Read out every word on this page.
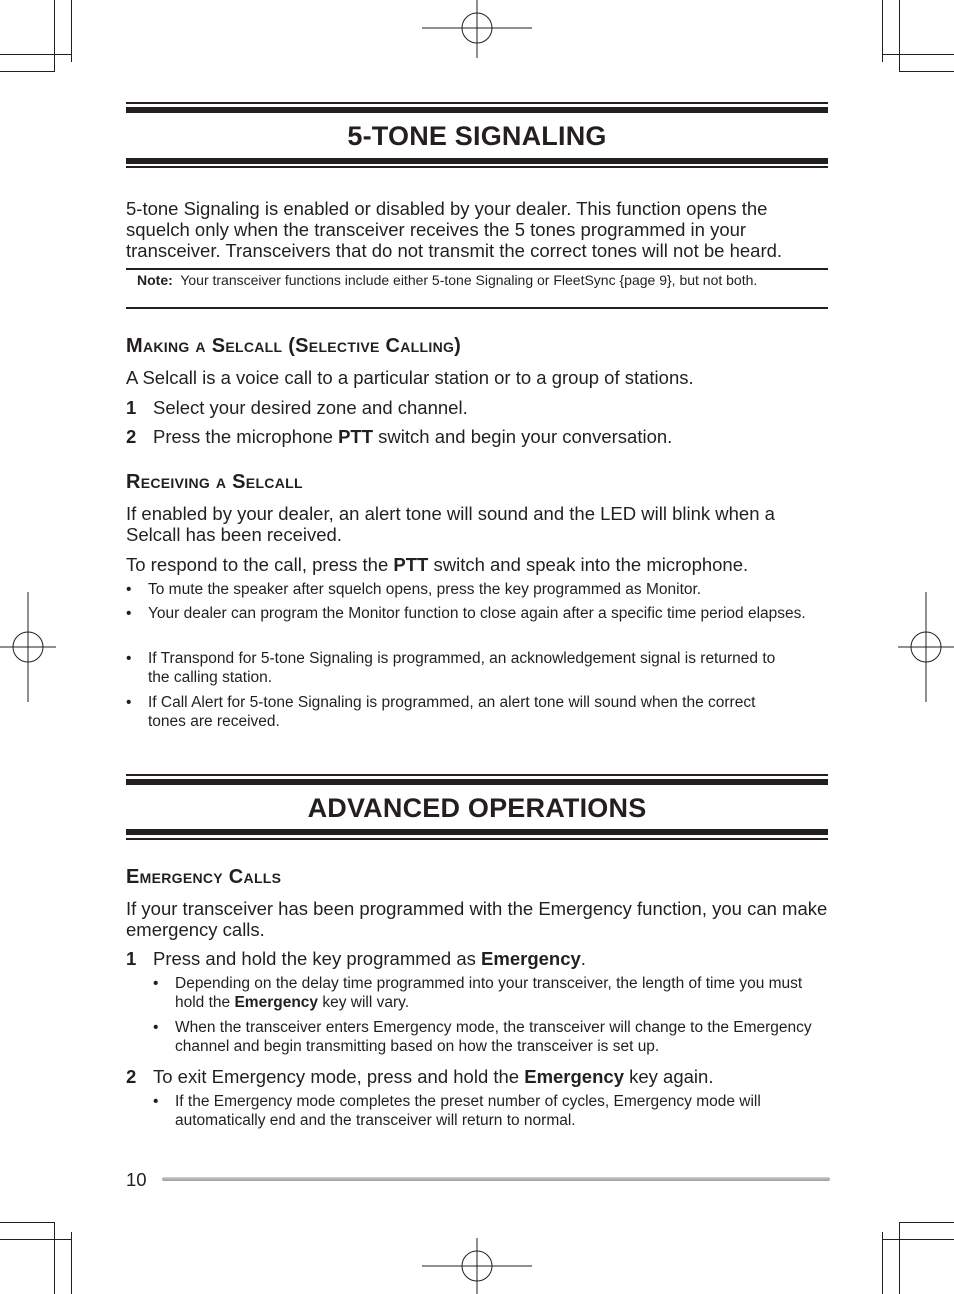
5-TONE SIGNALING
5-tone Signaling is enabled or disabled by your dealer. This function opens the squelch only when the transceiver receives the 5 tones programmed in your transceiver. Transceivers that do not transmit the correct tones will not be heard.
Note: Your transceiver functions include either 5-tone Signaling or FleetSync {page 9}, but not both.
Making a Selcall (Selective Calling)
A Selcall is a voice call to a particular station or to a group of stations.
1 Select your desired zone and channel.
2 Press the microphone PTT switch and begin your conversation.
Receiving a Selcall
If enabled by your dealer, an alert tone will sound and the LED will blink when a Selcall has been received.
To respond to the call, press the PTT switch and speak into the microphone.
• To mute the speaker after squelch opens, press the key programmed as Monitor.
• Your dealer can program the Monitor function to close again after a specific time period elapses.
• If Transpond for 5-tone Signaling is programmed, an acknowledgement signal is returned to the calling station.
• If Call Alert for 5-tone Signaling is programmed, an alert tone will sound when the correct tones are received.
ADVANCED OPERATIONS
Emergency Calls
If your transceiver has been programmed with the Emergency function, you can make emergency calls.
1 Press and hold the key programmed as Emergency.
• Depending on the delay time programmed into your transceiver, the length of time you must hold the Emergency key will vary.
• When the transceiver enters Emergency mode, the transceiver will change to the Emergency channel and begin transmitting based on how the transceiver is set up.
2 To exit Emergency mode, press and hold the Emergency key again.
• If the Emergency mode completes the preset number of cycles, Emergency mode will automatically end and the transceiver will return to normal.
10
